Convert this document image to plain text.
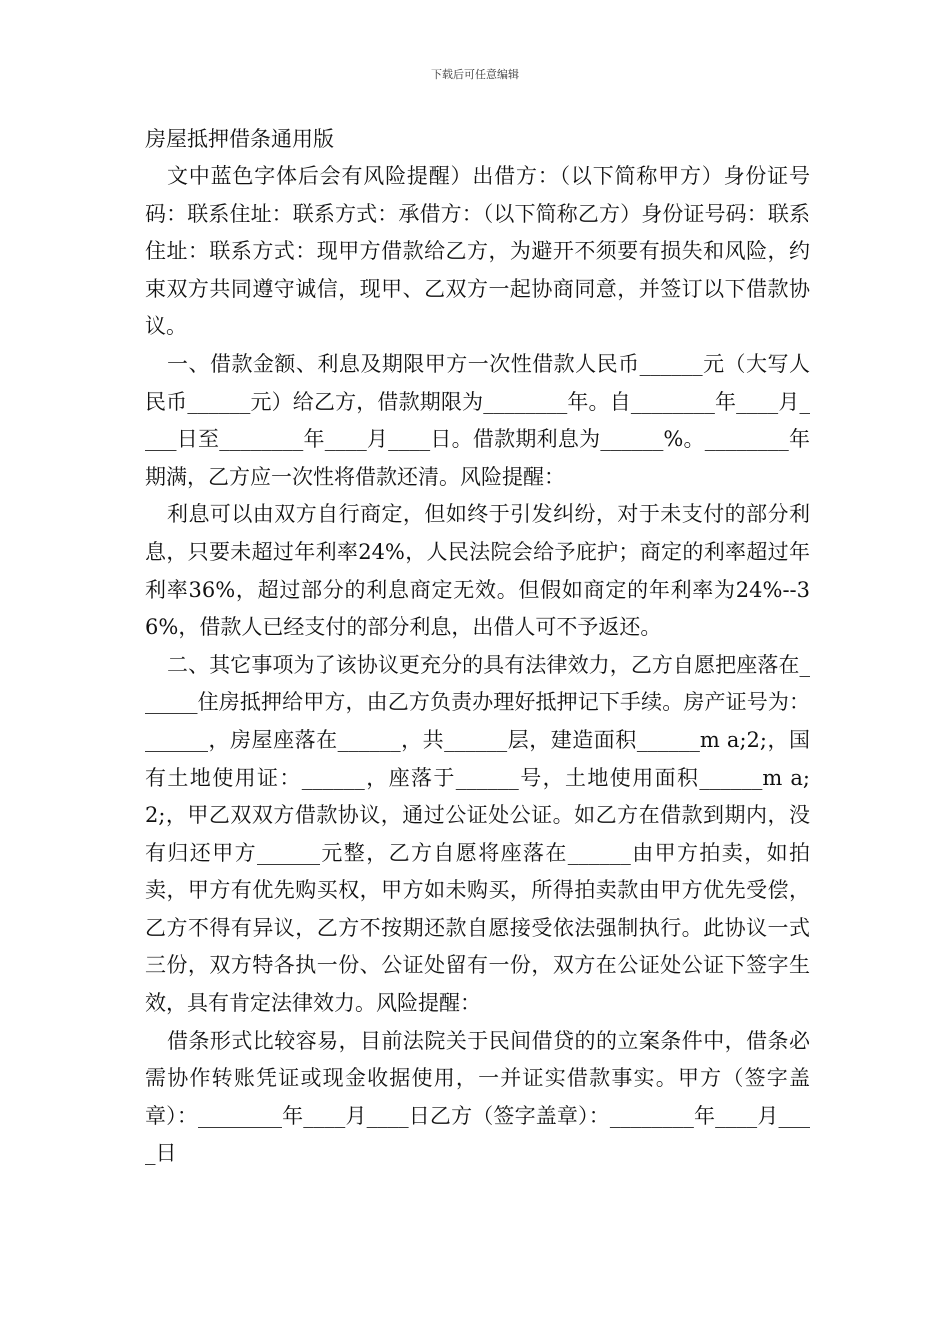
下载后可任意编辑
房屋抵押借条通用版

文中蓝色字体后会有风险提醒）出借方：（以下简称甲方）身份证号码：联系住址：联系方式：承借方：（以下简称乙方）身份证号码：联系住址：联系方式：现甲方借款给乙方，为避开不须要有损失和风险，约束双方共同遵守诚信，现甲、乙双方一起协商同意，并签订以下借款协议。

一、借款金额、利息及期限甲方一次性借款人民币______元（大写人民币______元）给乙方，借款期限为________年。自________年____月____日至________年____月____日。借款期利息为______%。________年期满，乙方应一次性将借款还清。风险提醒：

利息可以由双方自行商定，但如终于引发纠纷，对于未支付的部分利息，只要未超过年利率24%，人民法院会给予庇护；商定的利率超过年利率36%，超过部分的利息商定无效。但假如商定的年利率为24%--36%，借款人已经支付的部分利息，出借人可不予返还。

二、其它事项为了该协议更充分的具有法律效力，乙方自愿把座落在______住房抵押给甲方，由乙方负责办理好抵押记下手续。房产证号为：______，房屋座落在______，共______层，建造面积______m a;2;，国有土地使用证：______，座落于______号，土地使用面积______m a;2;，甲乙双双方借款协议，通过公证处公证。如乙方在借款到期内，没有归还甲方______元整，乙方自愿将座落在______由甲方拍卖，如拍卖，甲方有优先购买权，甲方如未购买，所得拍卖款由甲方优先受偿，乙方不得有异议，乙方不按期还款自愿接受依法强制执行。此协议一式三份，双方特各执一份、公证处留有一份，双方在公证处公证下签字生效，具有肯定法律效力。风险提醒：

借条形式比较容易，目前法院关于民间借贷的的立案条件中，借条必需协作转账凭证或现金收据使用，一并证实借款事实。甲方（签字盖章）：________年____月____日乙方（签字盖章）：________年____月____日
